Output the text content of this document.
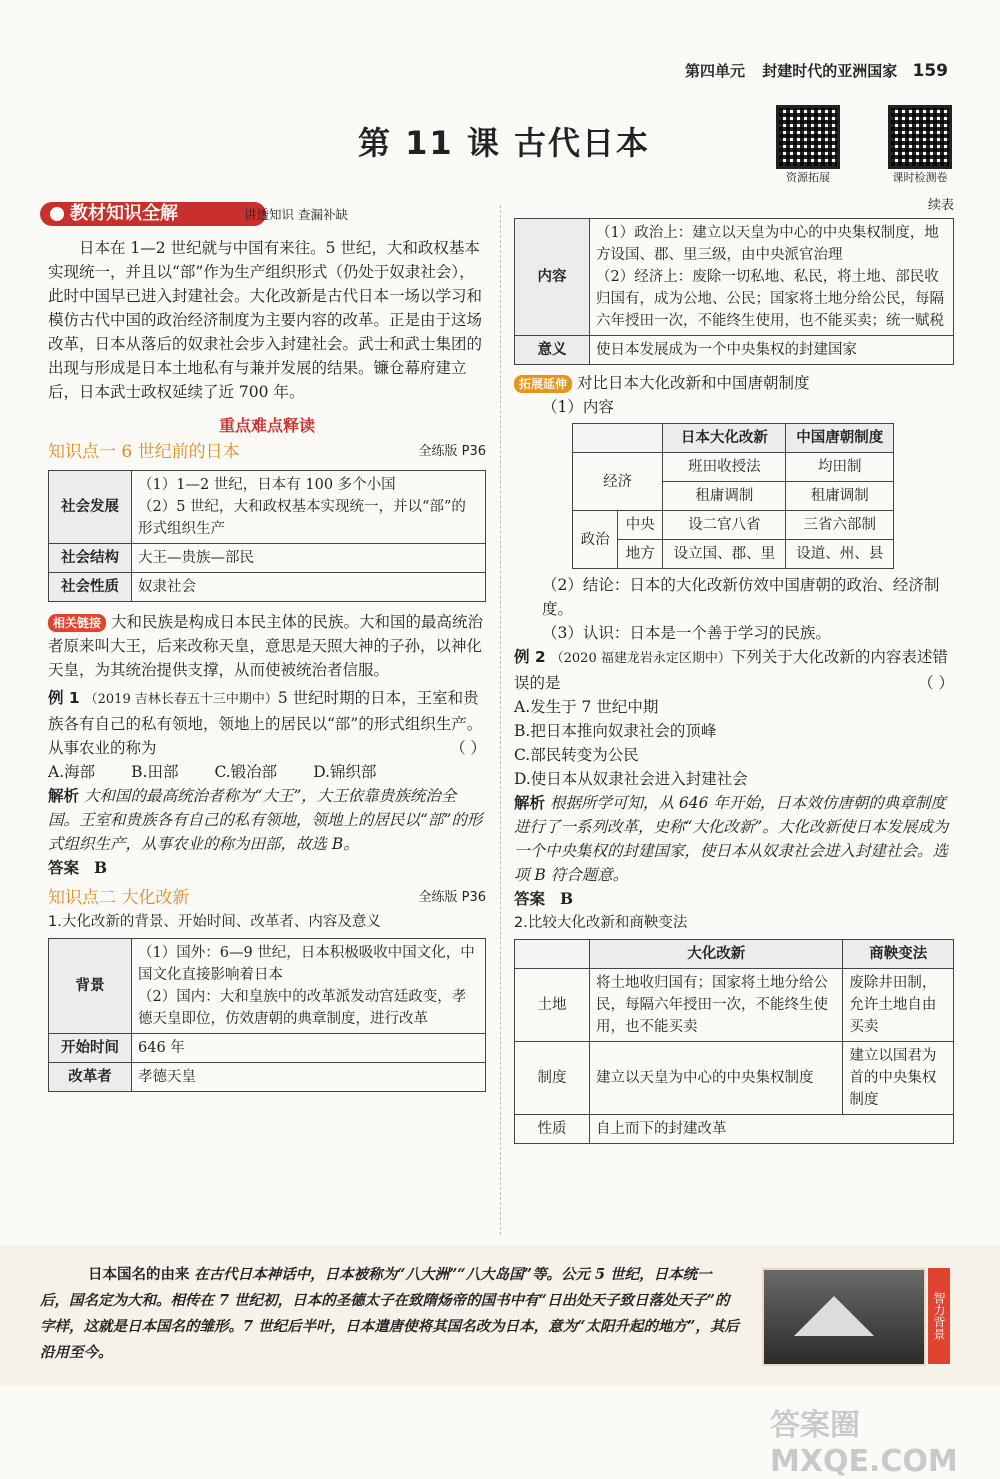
第四单元 封建时代的亚洲国家 159
第 11 课 古代日本
资源拓展	课时检测卷
教材知识全解	讲透知识 查漏补缺

日本在 1—2 世纪就与中国有来往。5 世纪，大和政权基本实现统一，并且以“部”作为生产组织形式（仍处于奴隶社会），此时中国早已进入封建社会。大化改新是古代日本一场以学习和模仿古代中国的政治经济制度为主要内容的改革。正是由于这场改革，日本从落后的奴隶社会步入封建社会。武士和武士集团的出现与形成是日本土地私有与兼并发展的结果。镰仓幕府建立后，日本武士政权延续了近 700 年。

重点难点释读
知识点一 6 世纪前的日本	全练版 P36
社会发展	（1）1—2 世纪，日本有 100 多个小国
（2）5 世纪，大和政权基本实现统一，并以“部”的形式组织生产

社会结构	大王—贵族—部民
社会性质	奴隶社会

相关链接 大和民族是构成日本民主体的民族。大和国的最高统治者原来叫大王，后来改称天皇，意思是天照大神的子孙，以神化天皇，为其统治提供支撑，从而使被统治者信服。

例 1 （2019 吉林长春五十三中期中）5 世纪时期的日本，王室和贵族各有自己的私有领地，领地上的居民以“部”的形式组织生产。从事农业的称为	（ ）

A.海部 B.田部 C.锻冶部 D.锦织部

解析 大和国的最高统治者称为“大王”，大王依靠贵族统治全国。王室和贵族各有自己的私有领地，领地上的居民以“部”的形式组织生产，从事农业的称为田部，故选 B。

答案 B

知识点二 大化改新	全练版 P36

1.大化改新的背景、开始时间、改革者、内容及意义

背景	（1）国外：6—9 世纪，日本积极吸收中国文化，中国文化直接影响着日本
（2）国内：大和皇族中的改革派发动宫廷政变，孝德天皇即位，仿效唐朝的典章制度，进行改革

开始时间	646 年
改革者	孝德天皇
续表
内容	（1）政治上：建立以天皇为中心的中央集权制度，地方设国、郡、里三级，由中央派官治理
（2）经济上：废除一切私地、私民，将土地、部民收归国有，成为公地、公民；国家将土地分给公民，每隔六年授田一次，不能终生使用，也不能买卖；统一赋税

意义	使日本发展成为一个中央集权的封建国家

拓展延伸 对比日本大化改新和中国唐朝制度

（1）内容

		日本大化改新	中国唐朝制度
经济		班田收授法	均田制
		租庸调制	租庸调制
政治	中央	设二官八省	三省六部制
	地方	设立国、郡、里	设道、州、县

（2）结论：日本的大化改新仿效中国唐朝的政治、经济制度。

（3）认识：日本是一个善于学习的民族。

例 2 （2020 福建龙岩永定区期中）下列关于大化改新的内容表述错误的是	（ ）

A.发生于 7 世纪中期
B.把日本推向奴隶社会的顶峰
C.部民转变为公民
D.使日本从奴隶社会进入封建社会

解析 根据所学可知，从 646 年开始，日本效仿唐朝的典章制度进行了一系列改革，史称“大化改新”。大化改新使日本发展成为一个中央集权的封建国家，使日本从奴隶社会进入封建社会。选项 B 符合题意。

答案 B

2.比较大化改新和商鞅变法

	大化改新	商鞅变法
土地	将土地收归国有；国家将土地分给公民，每隔六年授田一次，不能终生使用，也不能买卖	废除井田制，允许土地自由买卖
制度	建立以天皇为中心的中央集权制度	建立以国君为首的中央集权制度
性质	自上而下的封建改革	
日本国名的由来 在古代日本神话中，日本被称为“八大洲”“八大岛国”等。公元 5 世纪，日本统一后，国名定为大和。相传在 7 世纪初，日本的圣德太子在致隋炀帝的国书中有“日出处天子致日落处天子”的字样，这就是日本国名的雏形。7 世纪后半叶，日本遣唐使将其国名改为日本，意为“太阳升起的地方”，其后沿用至今。
智力背景
答案圈 MXQE.COM
